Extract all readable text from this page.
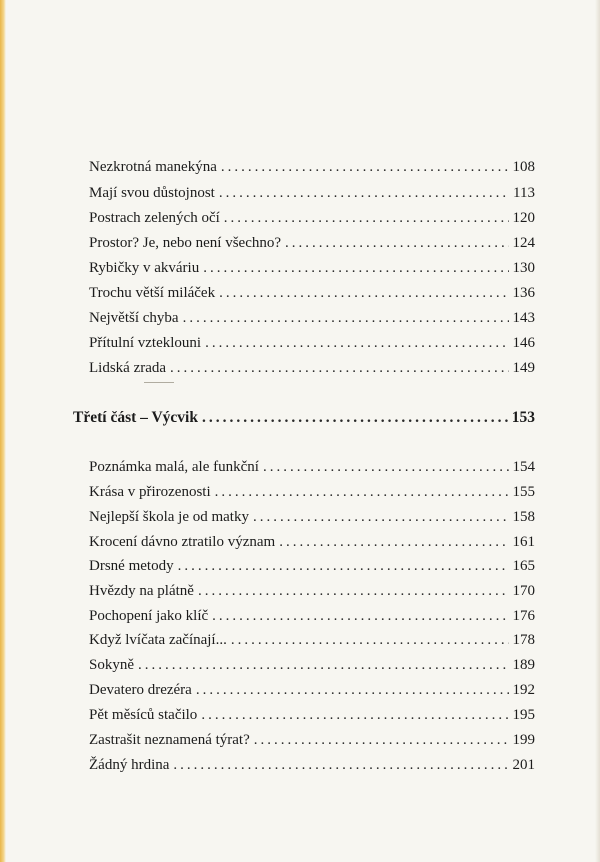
Nezkrotná manekýna .....	108
Mají svou důstojnost .....	113
Postrach zelených očí .....	120
Prostor? Je, nebo není všechno? .....	124
Rybičky v akváriu .....	130
Trochu větší miláček .....	136
Největší chyba .....	143
Přítulní vzteklouni .....	146
Lidská zrada .....	149
Třetí část – Výcvik .....	153
Poznámka malá, ale funkční .....	154
Krása v přirozenosti .....	155
Nejlepší škola je od matky .....	158
Krocení dávno ztratilo význam .....	161
Drsné metody .....	165
Hvězdy na plátně .....	170
Pochopení jako klíč .....	176
Když lvíčata začínají... .....	178
Sokyně .....	189
Devatero drezéra .....	192
Pět měsíců stačilo .....	195
Zastrašit neznamená týrat? .....	199
Žádný hrdina .....	201
